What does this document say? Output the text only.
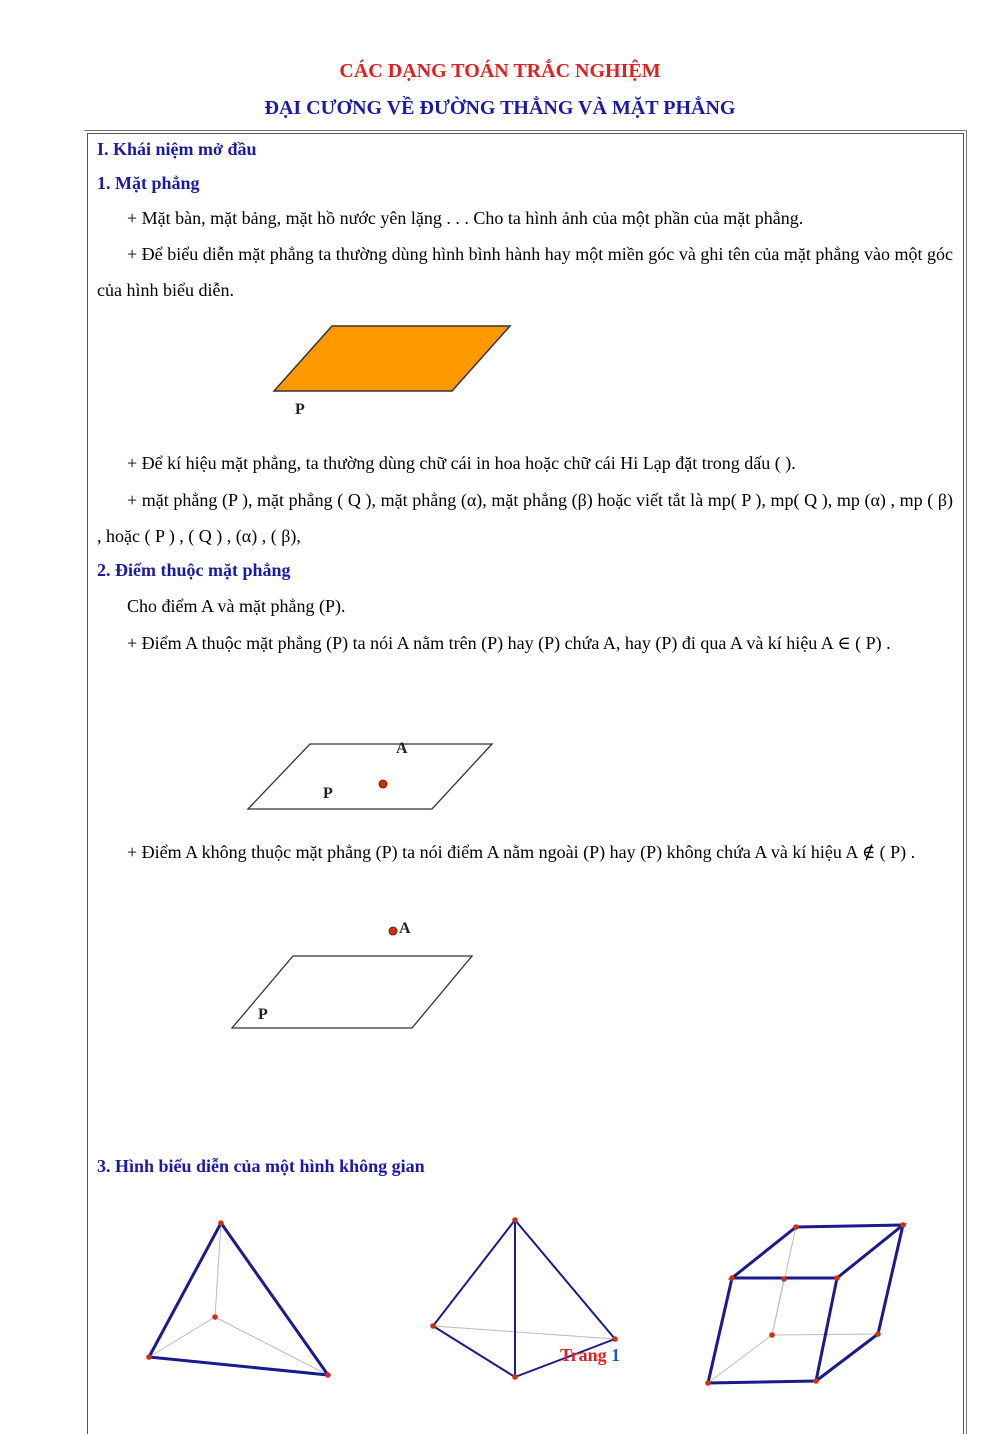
CÁC DẠNG TOÁN TRẮC NGHIỆM
ĐẠI CƯƠNG VỀ ĐƯỜNG THẲNG VÀ MẶT PHẲNG
I. Khái niệm mở đầu
1. Mặt phẳng
+ Mặt bàn, mặt bảng, mặt hồ nước yên lặng . . . Cho ta hình ảnh của một phần của mặt phẳng.
+ Để biểu diễn mặt phẳng ta thường dùng hình bình hành hay một miền góc và ghi tên của mặt phẳng vào một góc của hình biểu diễn.
P
+ Để kí hiệu mặt phẳng, ta thường dùng chữ cái in hoa hoặc chữ cái Hi Lạp đặt trong dấu ( ).
+ mặt phẳng (P ), mặt phẳng ( Q ), mặt phẳng (α), mặt phẳng (β) hoặc viết tắt là mp( P ), mp( Q ), mp (α) , mp ( β) , hoặc ( P ) , ( Q ) , (α) , ( β),
2. Điểm thuộc mặt phẳng
Cho điểm A và mặt phẳng (P).
+ Điểm A thuộc mặt phẳng (P) ta nói A nằm trên (P) hay (P) chứa A, hay (P) đi qua A và kí hiệu A ∈ ( P) .
A
P
+ Điểm A không thuộc mặt phẳng (P) ta nói điểm A nằm ngoài (P) hay (P) không chứa A và kí hiệu A ∉ ( P) .
A
P
3. Hình biểu diễn của một hình không gian
Trang 1
